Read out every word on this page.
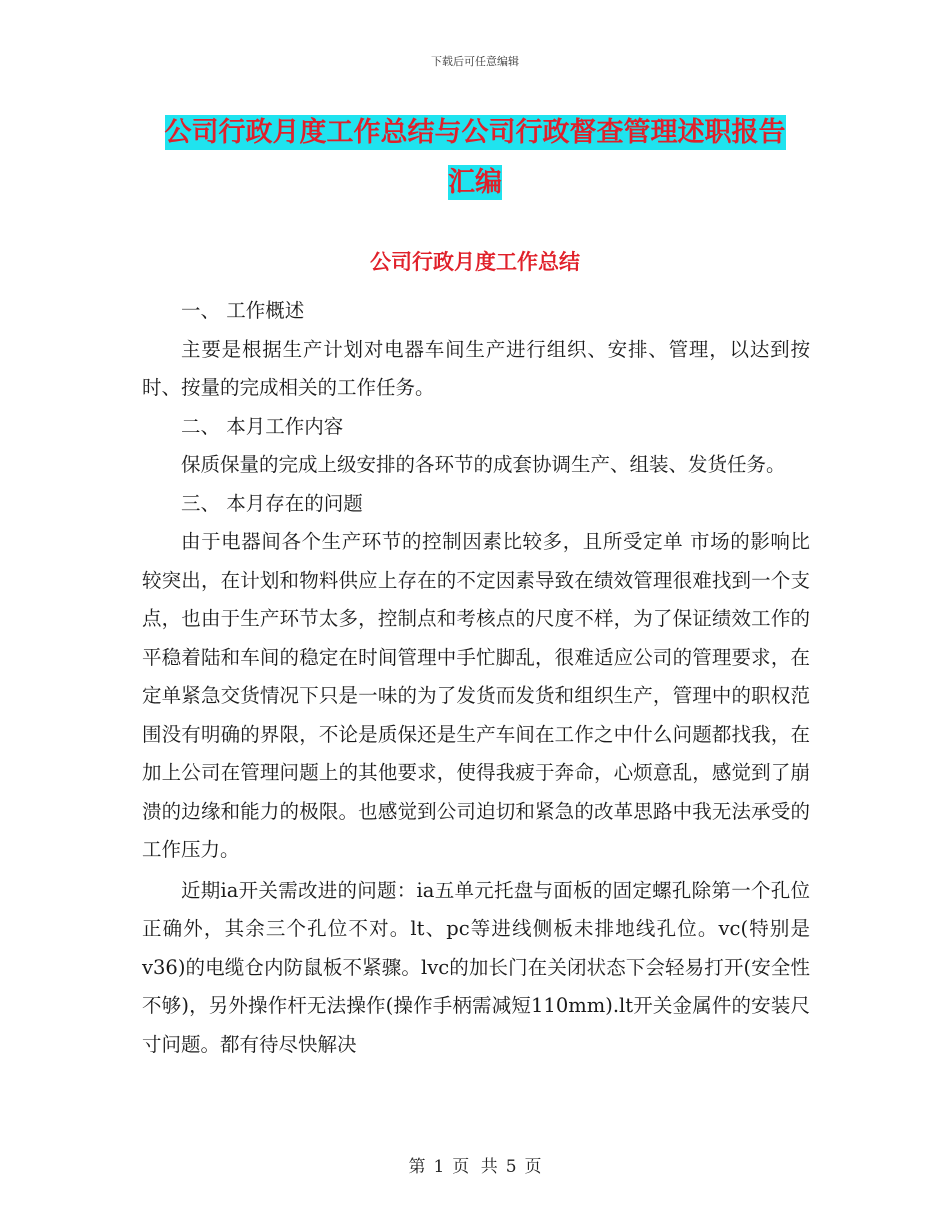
下载后可任意编辑
公司行政月度工作总结与公司行政督查管理述职报告
汇编
公司行政月度工作总结

一、 工作概述

主要是根据生产计划对电器车间生产进行组织、安排、管理，以达到按时、按量的完成相关的工作任务。

二、 本月工作内容

保质保量的完成上级安排的各环节的成套协调生产、组装、发货任务。

三、 本月存在的问题

由于电器间各个生产环节的控制因素比较多，且所受定单 市场的影响比较突出，在计划和物料供应上存在的不定因素导致在绩效管理很难找到一个支点，也由于生产环节太多，控制点和考核点的尺度不样，为了保证绩效工作的平稳着陆和车间的稳定在时间管理中手忙脚乱，很难适应公司的管理要求，在定单紧急交货情况下只是一味的为了发货而发货和组织生产，管理中的职权范围没有明确的界限，不论是质保还是生产车间在工作之中什么问题都找我，在加上公司在管理问题上的其他要求，使得我疲于奔命，心烦意乱，感觉到了崩溃的边缘和能力的极限。也感觉到公司迫切和紧急的改革思路中我无法承受的工作压力。

近期ia开关需改进的问题：ia五单元托盘与面板的固定螺孔除第一个孔位正确外，其余三个孔位不对。lt、pc等进线侧板未排地线孔位。vc(特别是v36)的电缆仓内防鼠板不紧骤。lvc的加长门在关闭状态下会轻易打开(安全性不够)，另外操作杆无法操作(操作手柄需减短110mm).lt开关金属件的安装尺寸问题。都有待尽快解决

第 1 页 共 5 页
